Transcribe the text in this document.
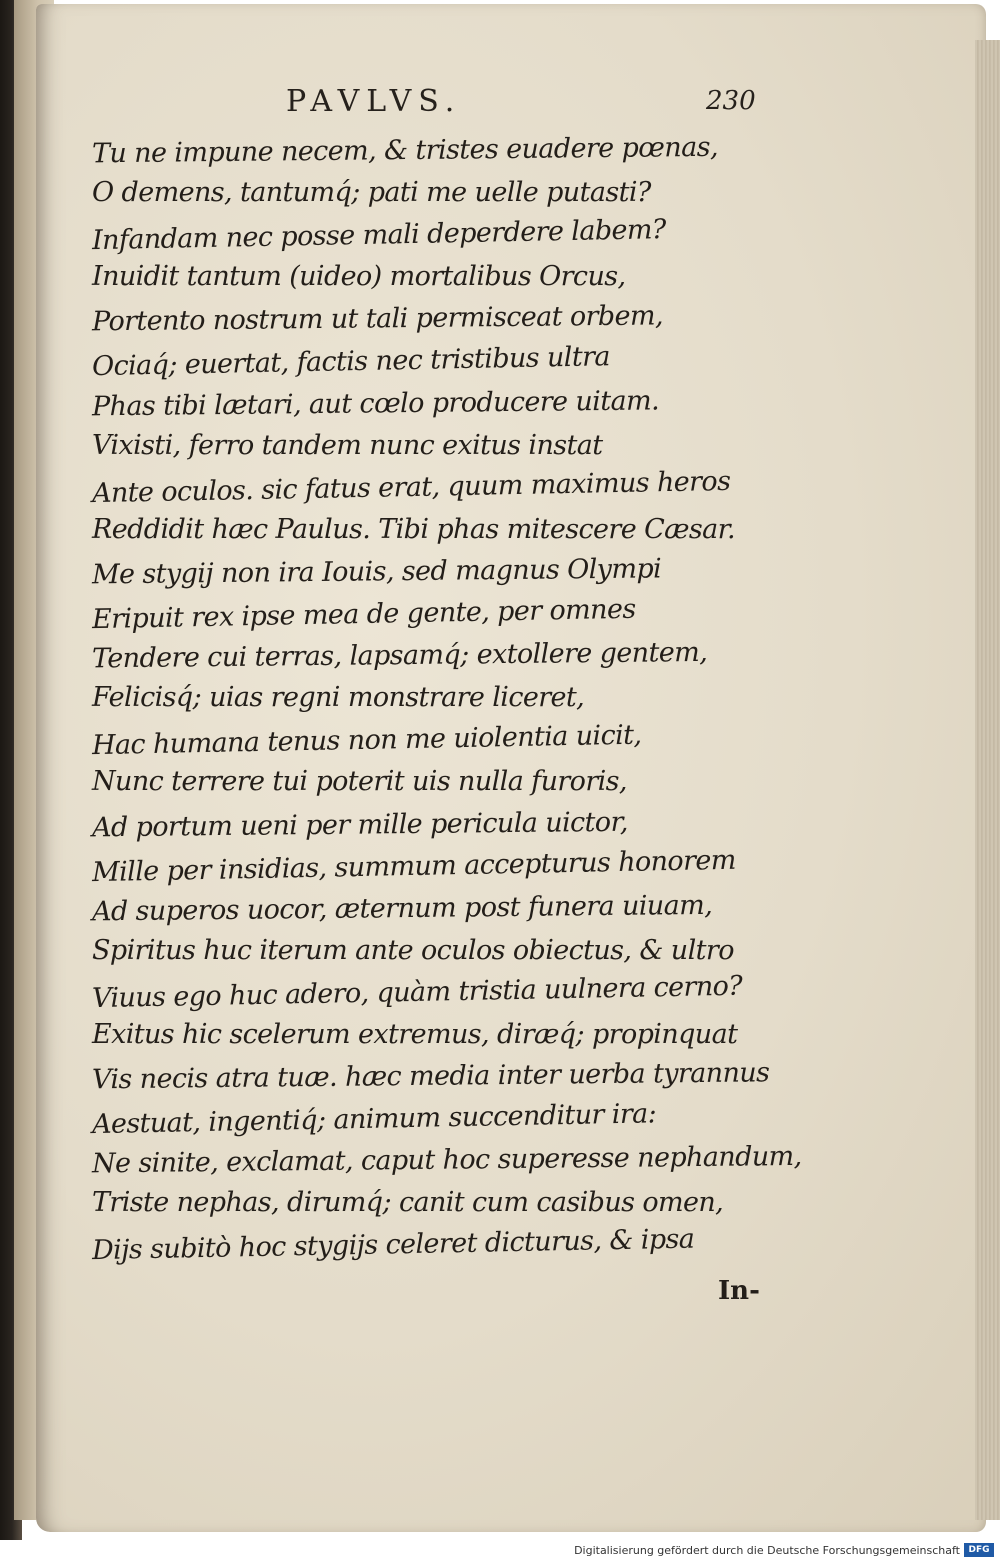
PAVLVS.	230
Tu ne impune necem, & tristes euadere pœnas,
O demens, tantumq́; pati me uelle putasti?
Infandam nec posse mali deperdere labem?
Inuidit tantum (uideo) mortalibus Orcus,
Portento nostrum ut tali permisceat orbem,
Ociaq́; euertat, factis nec tristibus ultra
Phas tibi lætari, aut cœlo producere uitam.
Vixisti, ferro tandem nunc exitus instat
Ante oculos. sic fatus erat, quum maximus heros
Reddidit hæc Paulus. Tibi phas mitescere Cæsar.
Me stygij non ira Iouis, sed magnus Olympi
Eripuit rex ipse mea de gente, per omnes
Tendere cui terras, lapsamq́; extollere gentem,
Felicisq́; uias regni monstrare liceret,
Hac humana tenus non me uiolentia uicit,
Nunc terrere tui poterit uis nulla furoris,
Ad portum ueni per mille pericula uictor,
Mille per insidias, summum accepturus honorem
Ad superos uocor, æternum post funera uiuam,
Spiritus huc iterum ante oculos obiectus, & ultro
Viuus ego huc adero, quàm tristia uulnera cerno?
Exitus hic scelerum extremus, diræq́; propinquat
Vis necis atra tuæ. hæc media inter uerba tyrannus
Aestuat, ingentiq́; animum succenditur ira:
Ne sinite, exclamat, caput hoc superesse nephandum,
Triste nephas, dirumq́; canit cum casibus omen,
Dijs subitò hoc stygijs celeret dicturus, & ipsa
In-
Digitalisierung gefördert durch die Deutsche Forschungsgemeinschaft DFG
